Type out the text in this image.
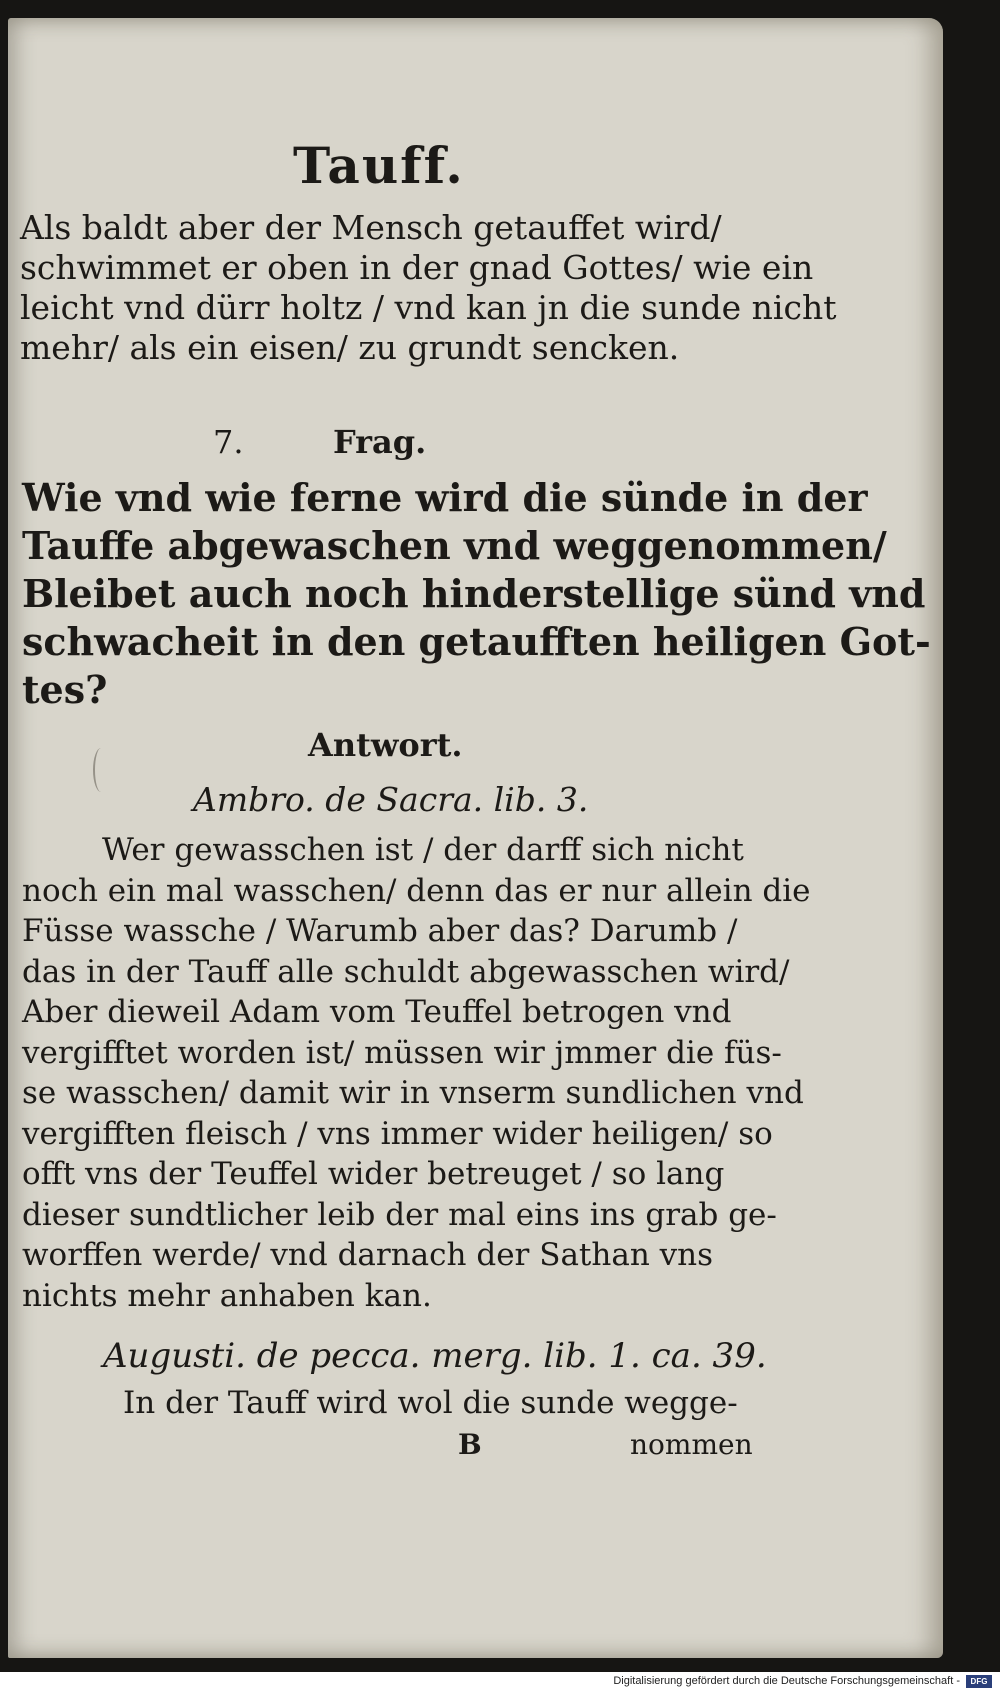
Tauff.
Als baldt aber der Mensch getauffet wird/
schwimmet er oben in der gnad Gottes/ wie ein
leicht vnd dürr holtz / vnd kan jn die sunde nicht
mehr/ als ein eisen/ zu grundt sencken.
7.	Frag.
Wie vnd wie ferne wird die sünde in der
Tauffe abgewaschen vnd weggenommen/
Bleibet auch noch hinderstellige sünd vnd
schwacheit in den getaufften heiligen Got-
tes?
Antwort.
Ambro. de Sacra. lib. 3.
Wer gewasschen ist / der darff sich nicht
noch ein mal wasschen/ denn das er nur allein die
Füsse wassche / Warumb aber das? Darumb /
das in der Tauff alle schuldt abgewasschen wird/
Aber dieweil Adam vom Teuffel betrogen vnd
vergifftet worden ist/ müssen wir jmmer die füs-
se wasschen/ damit wir in vnserm sundlichen vnd
vergifften fleisch / vns immer wider heiligen/ so
offt vns der Teuffel wider betreuget / so lang
dieser sundtlicher leib der mal eins ins grab ge-
worffen werde/ vnd darnach der Sathan vns
nichts mehr anhaben kan.
Augusti. de pecca. merg. lib. 1. ca. 39.
In der Tauff wird wol die sunde wegge-
B	nommen
Digitalisierung gefördert durch die Deutsche Forschungsgemeinschaft -	DFG
